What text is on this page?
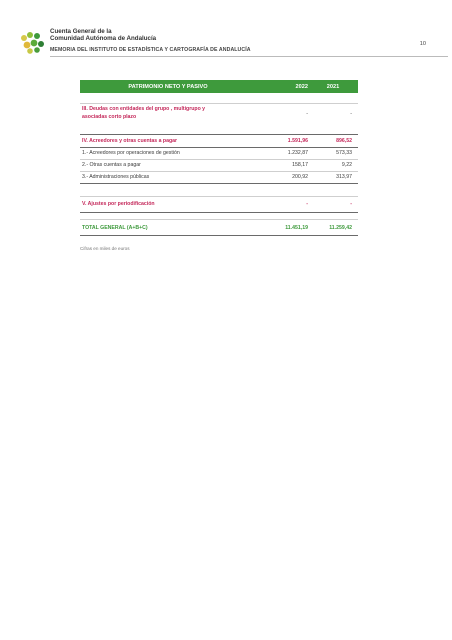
Cuenta General de la
Comunidad Autónoma de Andalucía
MEMORIA DEL INSTITUTO DE ESTADÍSTICA Y CARTOGRAFÍA DE ANDALUCÍA
10
PATRIMONIO NETO Y PASIVO	2022	2021
III. Deudas con entidades del grupo , multigrupo y
asociadas corto plazo	-	-
IV. Acreedores y otras cuentas a pagar	1.591,96	896,52
1.- Acreedores por operaciones de gestión	1.232,87	573,33
2.- Otras cuentas a pagar	158,17	9,22
3.- Administraciones públicas	200,92	313,97
V. Ajustes por periodificación	-	-
TOTAL GENERAL (A+B+C)	11.451,19	11.259,42
Cifras en miles de euros
